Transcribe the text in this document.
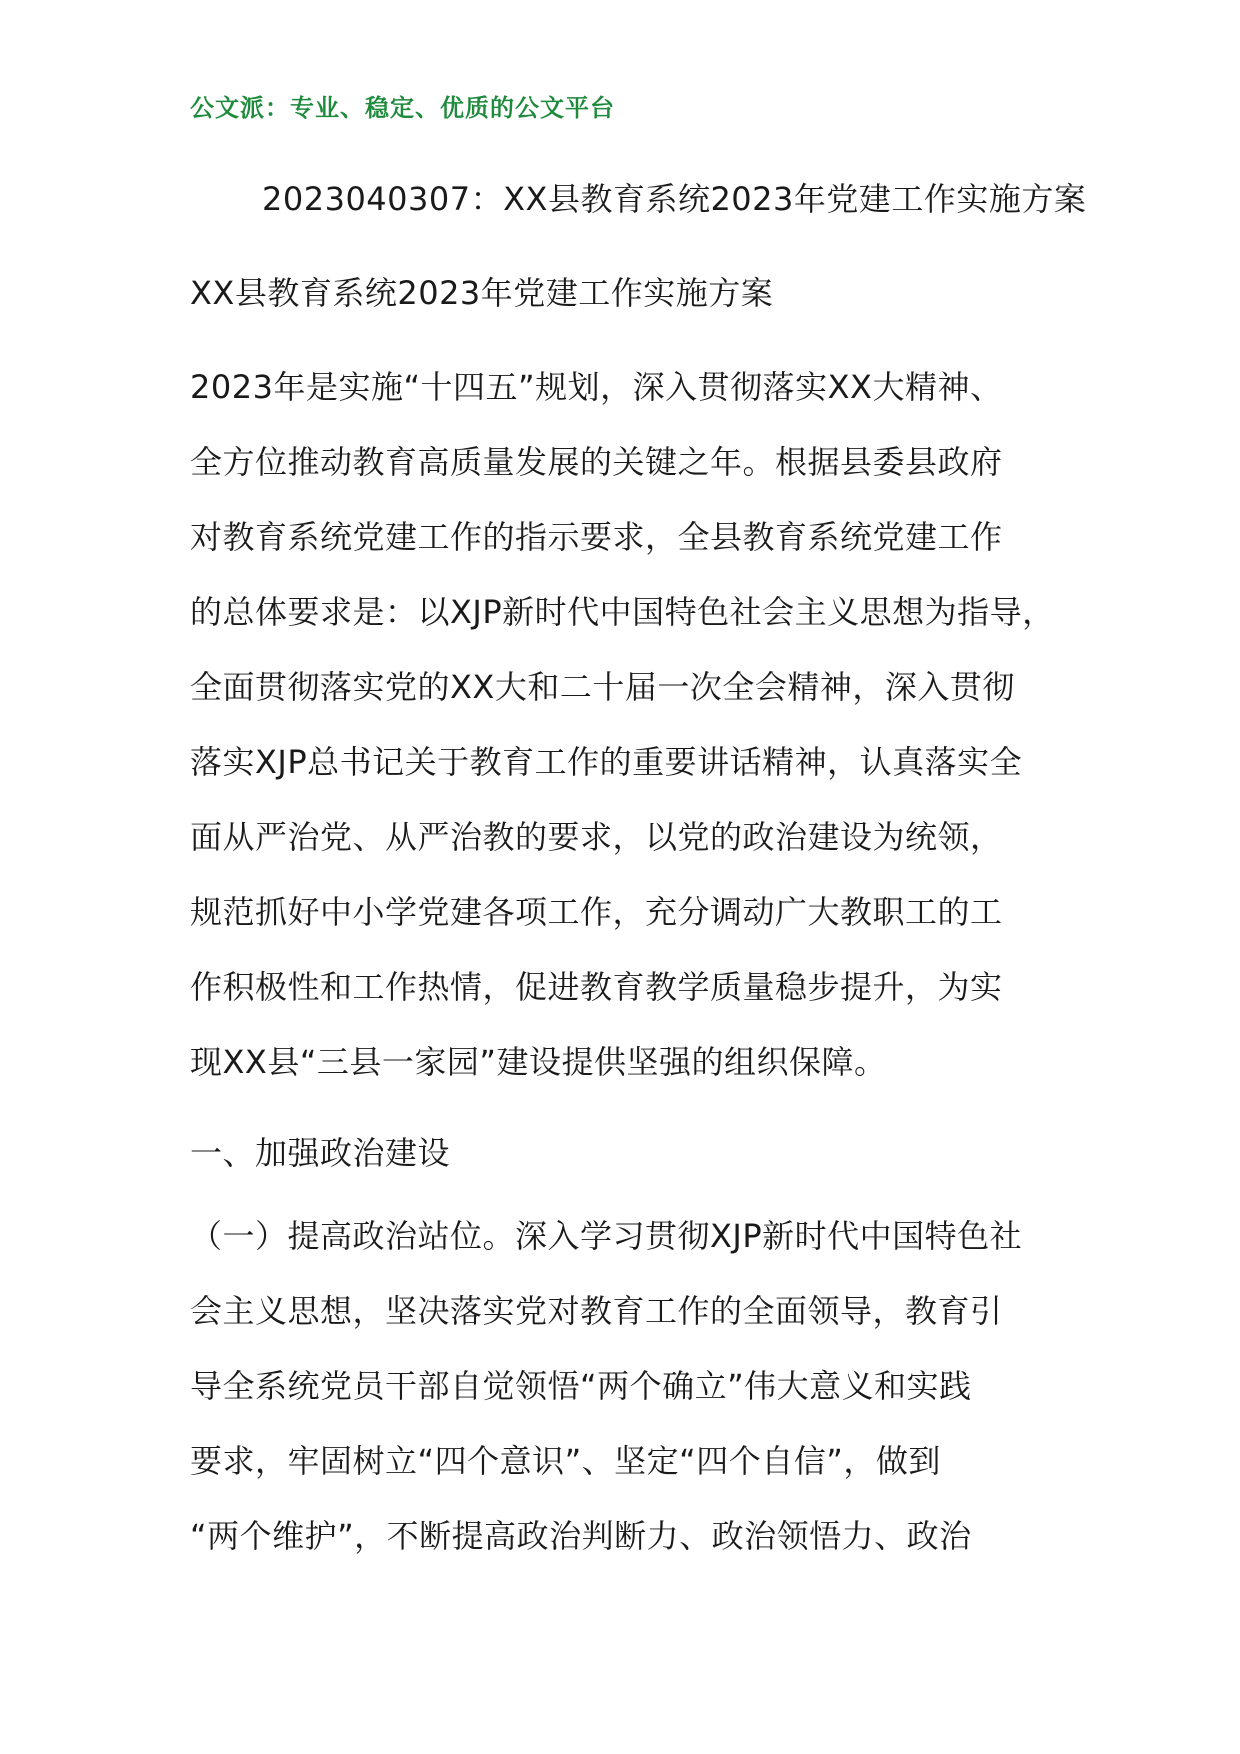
公文派：专业、稳定、优质的公文平台
2023040307：XX县教育系统2023年党建工作实施方案
XX县教育系统2023年党建工作实施方案
2023年是实施“十四五”规划，深入贯彻落实XX大精神、
全方位推动教育高质量发展的关键之年。根据县委县政府
对教育系统党建工作的指示要求，全县教育系统党建工作
的总体要求是：以XJP新时代中国特色社会主义思想为指导，
全面贯彻落实党的XX大和二十届一次全会精神，深入贯彻
落实XJP总书记关于教育工作的重要讲话精神，认真落实全
面从严治党、从严治教的要求，以党的政治建设为统领，
规范抓好中小学党建各项工作，充分调动广大教职工的工
作积极性和工作热情，促进教育教学质量稳步提升，为实
现XX县“三县一家园”建设提供坚强的组织保障。
一、加强政治建设
（一）提高政治站位。深入学习贯彻XJP新时代中国特色社
会主义思想，坚决落实党对教育工作的全面领导，教育引
导全系统党员干部自觉领悟“两个确立”伟大意义和实践
要求，牢固树立“四个意识”、坚定“四个自信”，做到
“两个维护”，不断提高政治判断力、政治领悟力、政治
